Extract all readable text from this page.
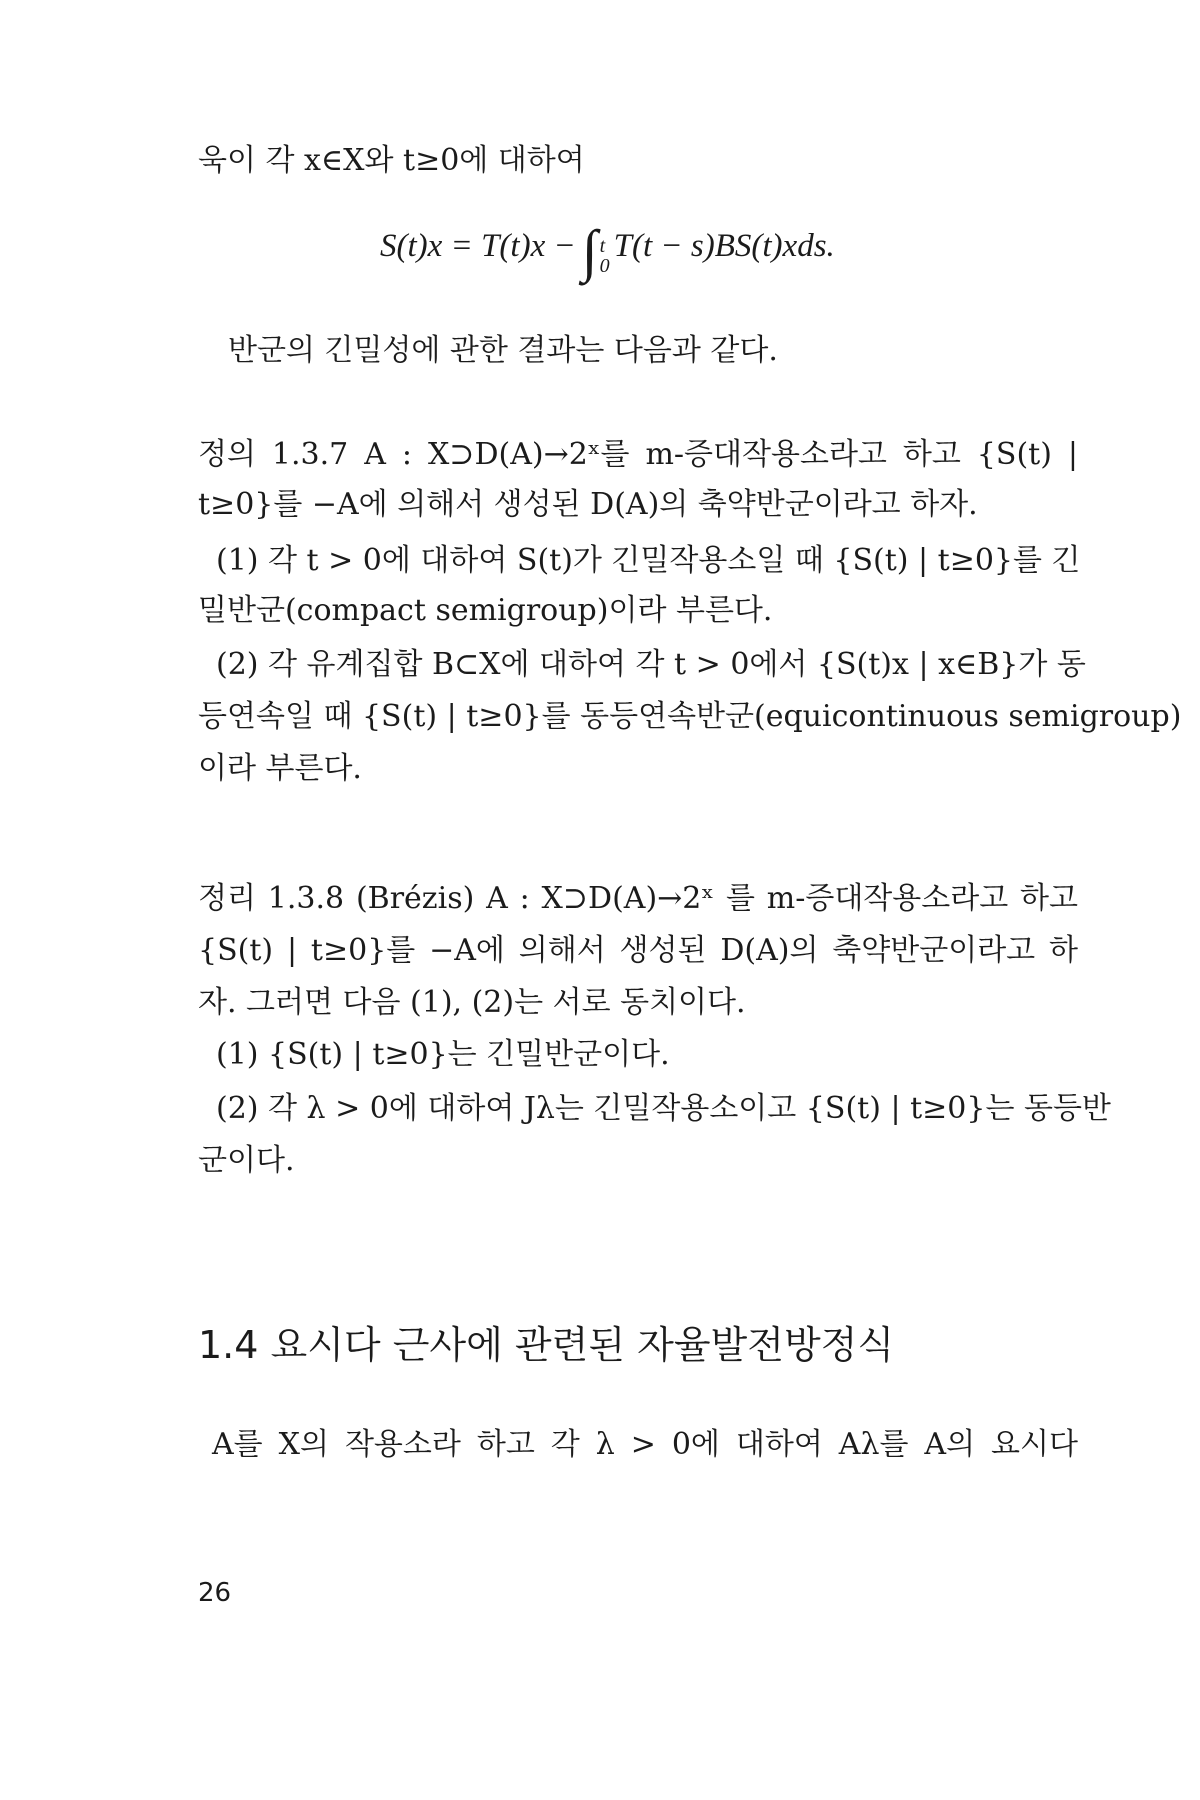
욱이 각 x∈X와 t≥0에 대하여
S(t)x = T(t)x − ∫ t
0
T(t − s)BS(t)xds.
반군의 긴밀성에 관한 결과는 다음과 같다.
정의 1.3.7 A : X⊃D(A)→2ˣ를 m-증대작용소라고 하고 {S(t) |
t≥0}를 −A에 의해서 생성된 D(A)의 축약반군이라고 하자.
(1) 각 t > 0에 대하여 S(t)가 긴밀작용소일 때 {S(t) | t≥0}를 긴
밀반군(compact semigroup)이라 부른다.
(2) 각 유계집합 B⊂X에 대하여 각 t > 0에서 {S(t)x | x∈B}가 동
등연속일 때 {S(t) | t≥0}를 동등연속반군(equicontinuous semigroup)
이라 부른다.
정리 1.3.8 (Brézis) A : X⊃D(A)→2ˣ 를 m-증대작용소라고 하고
{S(t) | t≥0}를 −A에 의해서 생성된 D(A)의 축약반군이라고 하
자. 그러면 다음 (1), (2)는 서로 동치이다.
(1) {S(t) | t≥0}는 긴밀반군이다.
(2) 각 λ > 0에 대하여 Jλ는 긴밀작용소이고 {S(t) | t≥0}는 동등반
군이다.
1.4 요시다 근사에 관련된 자율발전방정식
A를 X의 작용소라 하고 각 λ > 0에 대하여 Aλ를 A의 요시다
26
